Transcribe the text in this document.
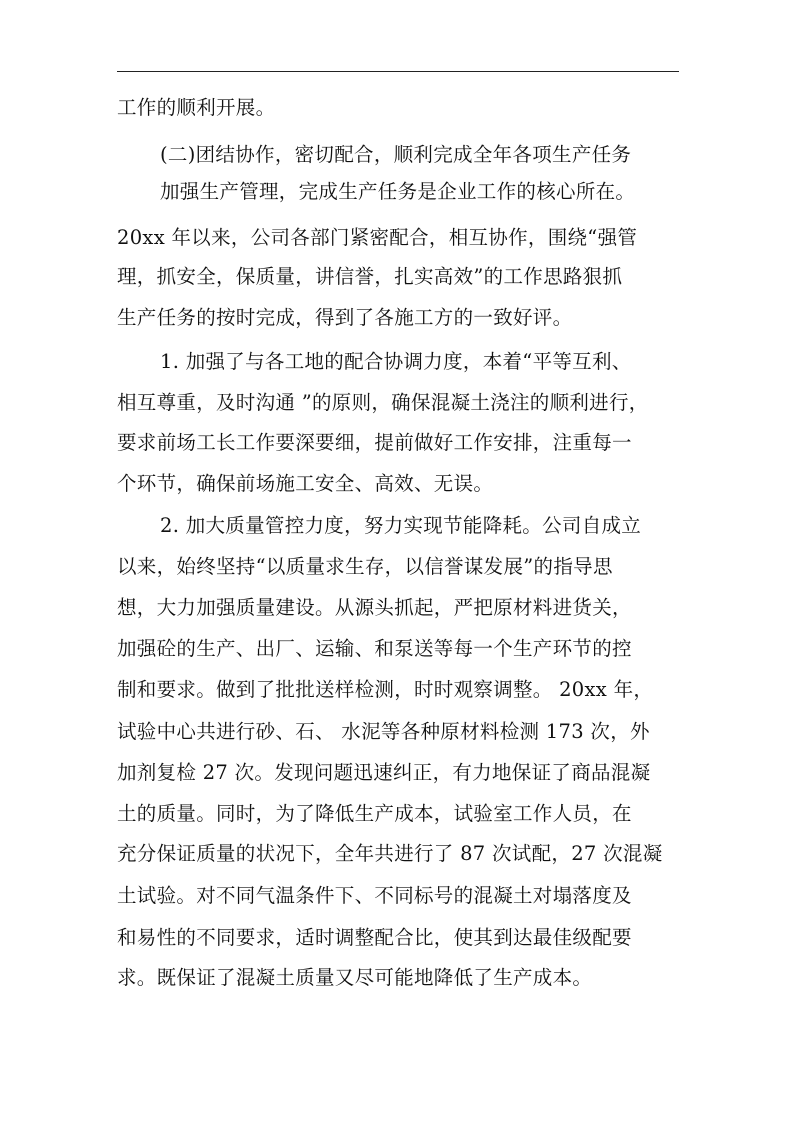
工作的顺利开展。
(二)团结协作，密切配合，顺利完成全年各项生产任务
加强生产管理，完成生产任务是企业工作的核心所在。
20xx 年以来，公司各部门紧密配合，相互协作，围绕“强管
理，抓安全，保质量，讲信誉，扎实高效”的工作思路狠抓
生产任务的按时完成，得到了各施工方的一致好评。
1. 加强了与各工地的配合协调力度，本着“平等互利、
相互尊重，及时沟通 ”的原则，确保混凝土浇注的顺利进行，
要求前场工长工作要深要细，提前做好工作安排，注重每一
个环节，确保前场施工安全、高效、无误。
2. 加大质量管控力度，努力实现节能降耗。公司自成立
以来，始终坚持“以质量求生存，以信誉谋发展”的指导思
想，大力加强质量建设。从源头抓起，严把原材料进货关，
加强砼的生产、出厂、运输、和泵送等每一个生产环节的控
制和要求。做到了批批送样检测，时时观察调整。 20xx 年，
试验中心共进行砂、石、 水泥等各种原材料检测 173 次，外
加剂复检 27 次。发现问题迅速纠正，有力地保证了商品混凝
土的质量。同时，为了降低生产成本，试验室工作人员，在
充分保证质量的状况下，全年共进行了 87 次试配，27 次混凝
土试验。对不同气温条件下、不同标号的混凝土对塌落度及
和易性的不同要求，适时调整配合比，使其到达最佳级配要
求。既保证了混凝土质量又尽可能地降低了生产成本。
